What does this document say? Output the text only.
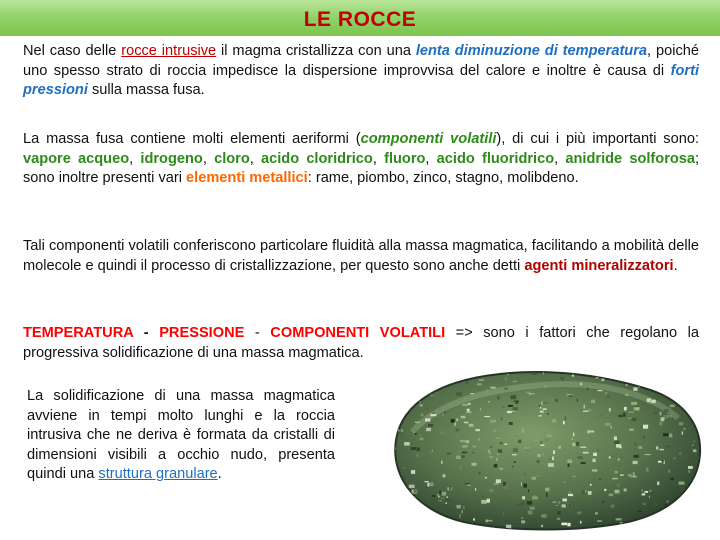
LE ROCCE
Nel caso delle rocce intrusive il magma cristallizza con una lenta diminuzione di temperatura, poiché uno spesso strato di roccia impedisce la dispersione improvvisa del calore e inoltre è causa di forti pressioni sulla massa fusa.
La massa fusa contiene molti elementi aeriformi (componenti volatili), di cui i più importanti sono: vapore acqueo, idrogeno, cloro, acido cloridrico, fluoro, acido fluoridrico, anidride solforosa; sono inoltre presenti vari elementi metallici: rame, piombo, zinco, stagno, molibdeno.
Tali componenti volatili conferiscono particolare fluidità alla massa magmatica, facilitando a mobilità delle molecole e quindi il processo di cristallizzazione, per questo sono anche detti agenti mineralizzatori.
TEMPERATURA - PRESSIONE - COMPONENTI VOLATILI => sono i fattori che regolano la progressiva solidificazione di una massa magmatica.
La solidificazione di una massa magmatica avviene in tempi molto lunghi e la roccia intrusiva che ne deriva è formata da cristalli di dimensioni visibili a occhio nudo, presenta quindi una struttura granulare.
